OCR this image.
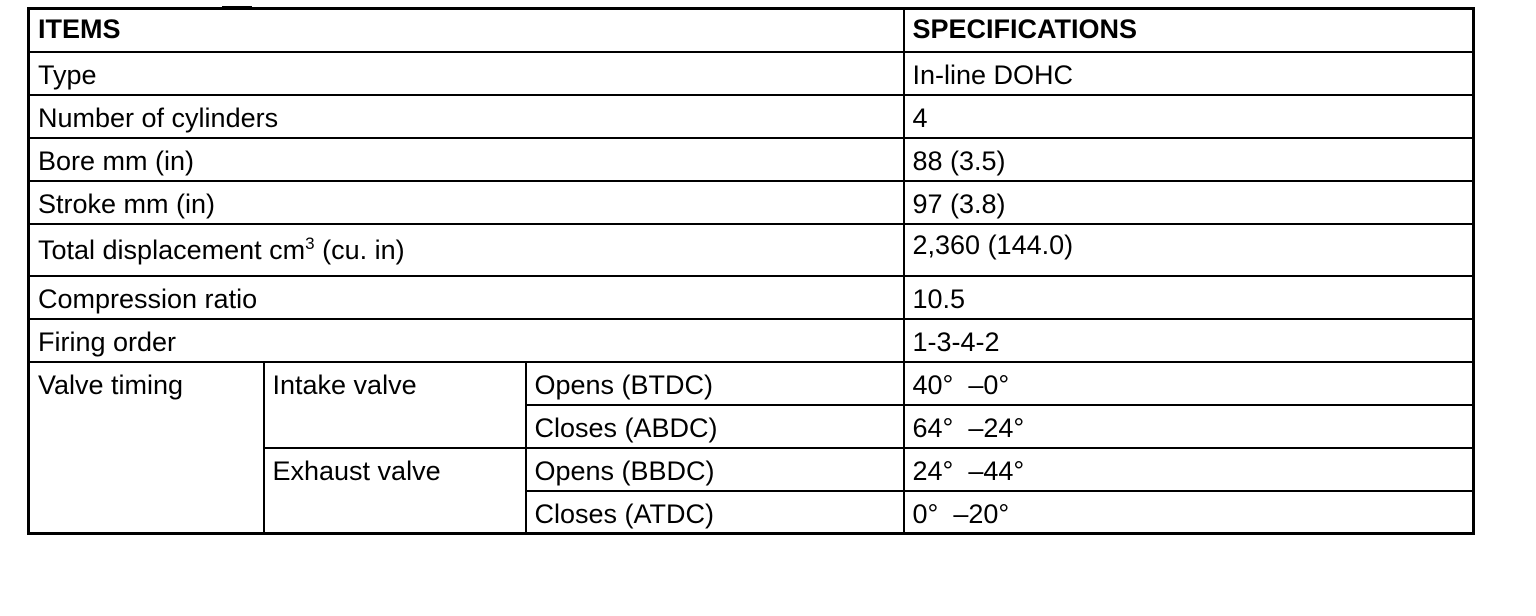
ITEMS			SPECIFICATIONS
Type			In-line DOHC
Number of cylinders			4
Bore mm (in)			88 (3.5)
Stroke mm (in)			97 (3.8)
Total displacement $cm^3$ (cu. in)			2,360 (144.0)
Compression ratio			10.5
Firing order			1-3-4-2
Valve timing	Intake valve	Opens (BTDC)	40°  –0°
		Closes (ABDC)	64°  –24°
	Exhaust valve	Opens (BBDC)	24°  –44°
		Closes (ATDC)	0°  –20°
